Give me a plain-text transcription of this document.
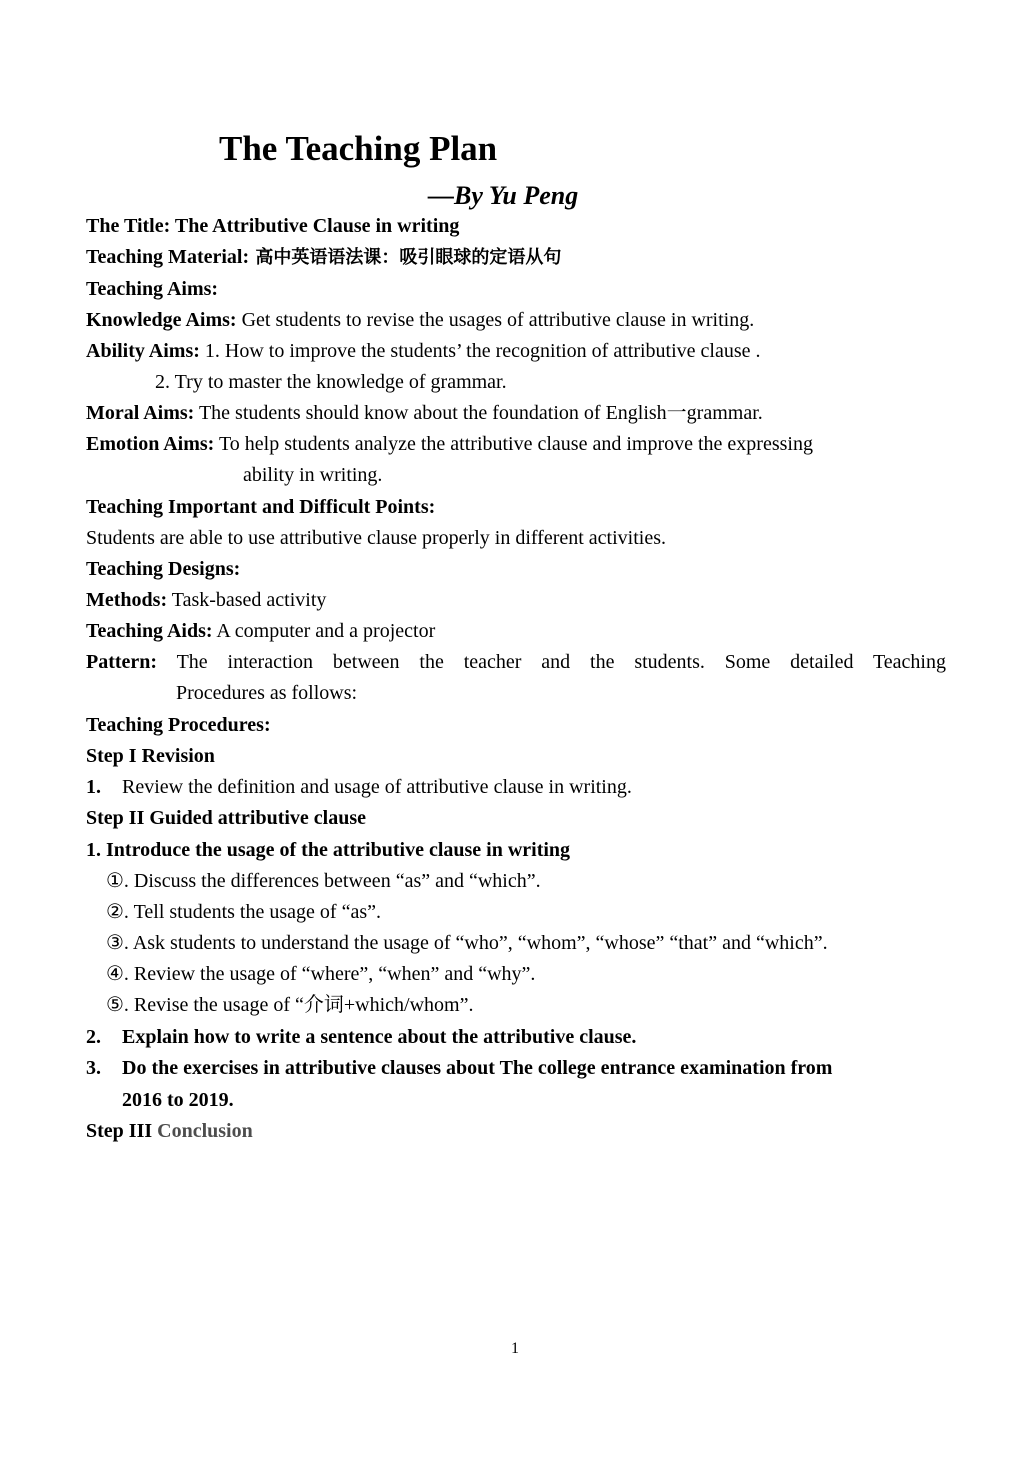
The Teaching Plan
—By Yu Peng
The Title: The Attributive Clause in writing
Teaching Material: 高中英语语法课：吸引眼球的定语从句
Teaching Aims:
Knowledge Aims: Get students to revise the usages of attributive clause in writing.
Ability Aims: 1. How to improve the students’ the recognition of attributive clause .
2. Try to master the knowledge of grammar.
Moral Aims: The students should know about the foundation of English一grammar.
Emotion Aims: To help students analyze the attributive clause and improve the expressing
ability in writing.
Teaching Important and Difficult Points:
Students are able to use attributive clause properly in different activities.
Teaching Designs:
Methods: Task-based activity
Teaching Aids: A computer and a projector
Pattern: The interaction between the teacher and the students. Some detailed Teaching
Procedures as follows:
Teaching Procedures:
Step I Revision
1. Review the definition and usage of attributive clause in writing.
Step II Guided attributive clause
1. Introduce the usage of the attributive clause in writing
①. Discuss the differences between “as” and “which”.
②. Tell students the usage of “as”.
③. Ask students to understand the usage of “who”, “whom”, “whose” “that” and “which”.
④. Review the usage of “where”, “when” and “why”.
⑤. Revise the usage of “介词+which/whom”.
2. Explain how to write a sentence about the attributive clause.
3. Do the exercises in attributive clauses about The college entrance examination from
2016 to 2019.
Step III Conclusion
1
